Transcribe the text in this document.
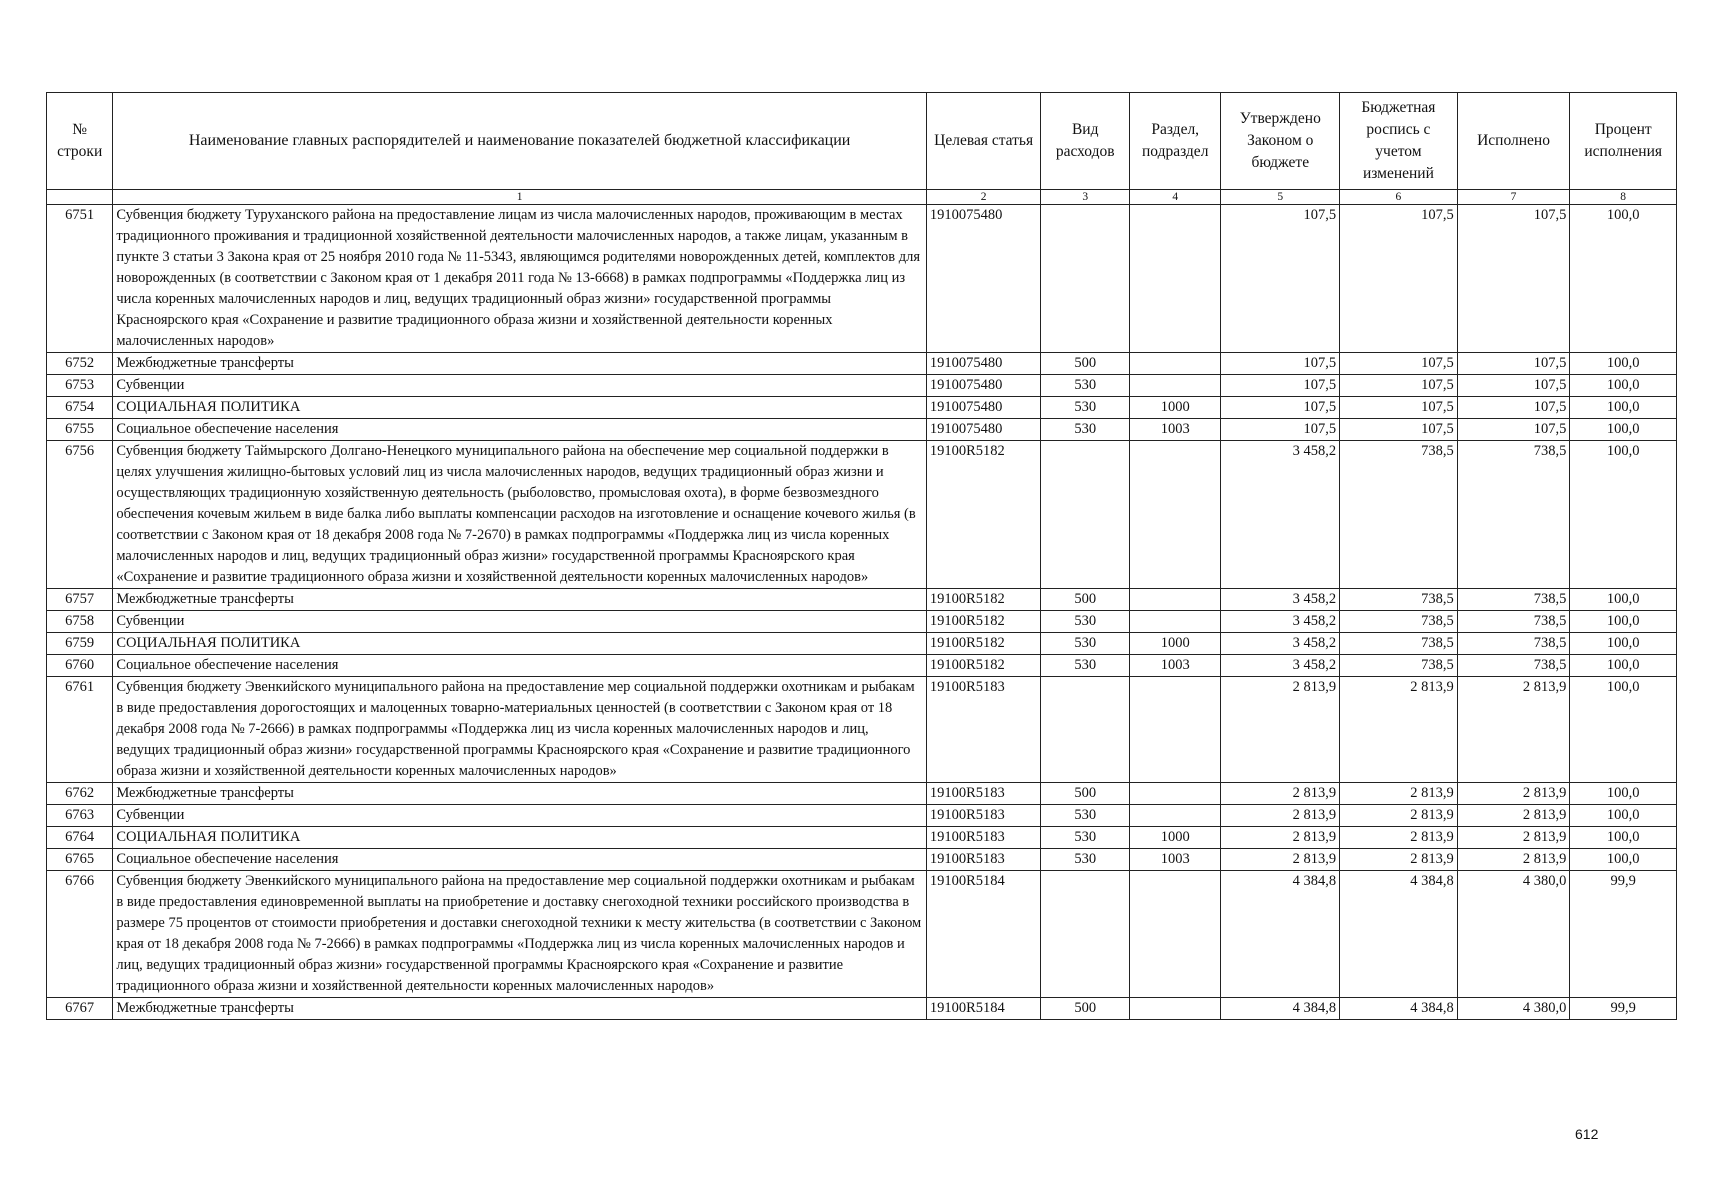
№ строки	Наименование главных распорядителей и наименование показателей бюджетной классификации	Целевая статья	Вид расходов	Раздел, подраздел	Утверждено Законом о бюджете	Бюджетная роспись с учетом изменений	Исполнено	Процент исполнения
	1	2	3	4	5	6	7	8
6751	Субвенция бюджету Туруханского района на предоставление лицам из числа малочисленных народов, проживающим в местах традиционного проживания и традиционной хозяйственной деятельности малочисленных народов, а также лицам, указанным в пункте 3 статьи 3 Закона края от 25 ноября 2010 года № 11-5343, являющимся родителями новорожденных детей, комплектов для новорожденных (в соответствии с Законом края от 1 декабря 2011 года № 13-6668) в рамках подпрограммы «Поддержка лиц из числа коренных малочисленных народов и лиц, ведущих традиционный образ жизни» государственной программы Красноярского края «Сохранение и развитие традиционного образа жизни и хозяйственной деятельности коренных малочисленных народов»	1910075480			107,5	107,5	107,5	100,0
6752	Межбюджетные трансферты	1910075480	500		107,5	107,5	107,5	100,0
6753	Субвенции	1910075480	530		107,5	107,5	107,5	100,0
6754	СОЦИАЛЬНАЯ ПОЛИТИКА	1910075480	530	1000	107,5	107,5	107,5	100,0
6755	Социальное обеспечение населения	1910075480	530	1003	107,5	107,5	107,5	100,0
6756	Субвенция бюджету Таймырского Долгано-Ненецкого муниципального района на обеспечение мер социальной поддержки в целях улучшения жилищно-бытовых условий лиц из числа малочисленных народов, ведущих традиционный образ жизни и осуществляющих традиционную хозяйственную деятельность (рыболовство, промысловая охота), в форме безвозмездного обеспечения кочевым жильем в виде балка либо выплаты компенсации расходов на изготовление и оснащение кочевого жилья (в соответствии с Законом края от 18 декабря 2008 года № 7-2670) в рамках подпрограммы «Поддержка лиц из числа коренных малочисленных народов и лиц, ведущих традиционный образ жизни» государственной программы Красноярского края «Сохранение и развитие традиционного образа жизни и хозяйственной деятельности коренных малочисленных народов»	19100R5182			3 458,2	738,5	738,5	100,0
6757	Межбюджетные трансферты	19100R5182	500		3 458,2	738,5	738,5	100,0
6758	Субвенции	19100R5182	530		3 458,2	738,5	738,5	100,0
6759	СОЦИАЛЬНАЯ ПОЛИТИКА	19100R5182	530	1000	3 458,2	738,5	738,5	100,0
6760	Социальное обеспечение населения	19100R5182	530	1003	3 458,2	738,5	738,5	100,0
6761	Субвенция бюджету Эвенкийского муниципального района на предоставление мер социальной поддержки охотникам и рыбакам в виде предоставления дорогостоящих и малоценных товарно-материальных ценностей (в соответствии с Законом края от 18 декабря 2008 года № 7-2666) в рамках подпрограммы «Поддержка лиц из числа коренных малочисленных народов и лиц, ведущих традиционный образ жизни» государственной программы Красноярского края «Сохранение и развитие традиционного образа жизни и хозяйственной деятельности коренных малочисленных народов»	19100R5183			2 813,9	2 813,9	2 813,9	100,0
6762	Межбюджетные трансферты	19100R5183	500		2 813,9	2 813,9	2 813,9	100,0
6763	Субвенции	19100R5183	530		2 813,9	2 813,9	2 813,9	100,0
6764	СОЦИАЛЬНАЯ ПОЛИТИКА	19100R5183	530	1000	2 813,9	2 813,9	2 813,9	100,0
6765	Социальное обеспечение населения	19100R5183	530	1003	2 813,9	2 813,9	2 813,9	100,0
6766	Субвенция бюджету Эвенкийского муниципального района на предоставление мер социальной поддержки охотникам и рыбакам в виде предоставления единовременной выплаты на приобретение и доставку снегоходной техники российского производства в размере 75 процентов от стоимости приобретения и доставки снегоходной техники к месту жительства (в соответствии с Законом края от 18 декабря 2008 года № 7-2666) в рамках подпрограммы «Поддержка лиц из числа коренных малочисленных народов и лиц, ведущих традиционный образ жизни» государственной программы Красноярского края «Сохранение и развитие традиционного образа жизни и хозяйственной деятельности коренных малочисленных народов»	19100R5184			4 384,8	4 384,8	4 380,0	99,9
6767	Межбюджетные трансферты	19100R5184	500		4 384,8	4 384,8	4 380,0	99,9
612
